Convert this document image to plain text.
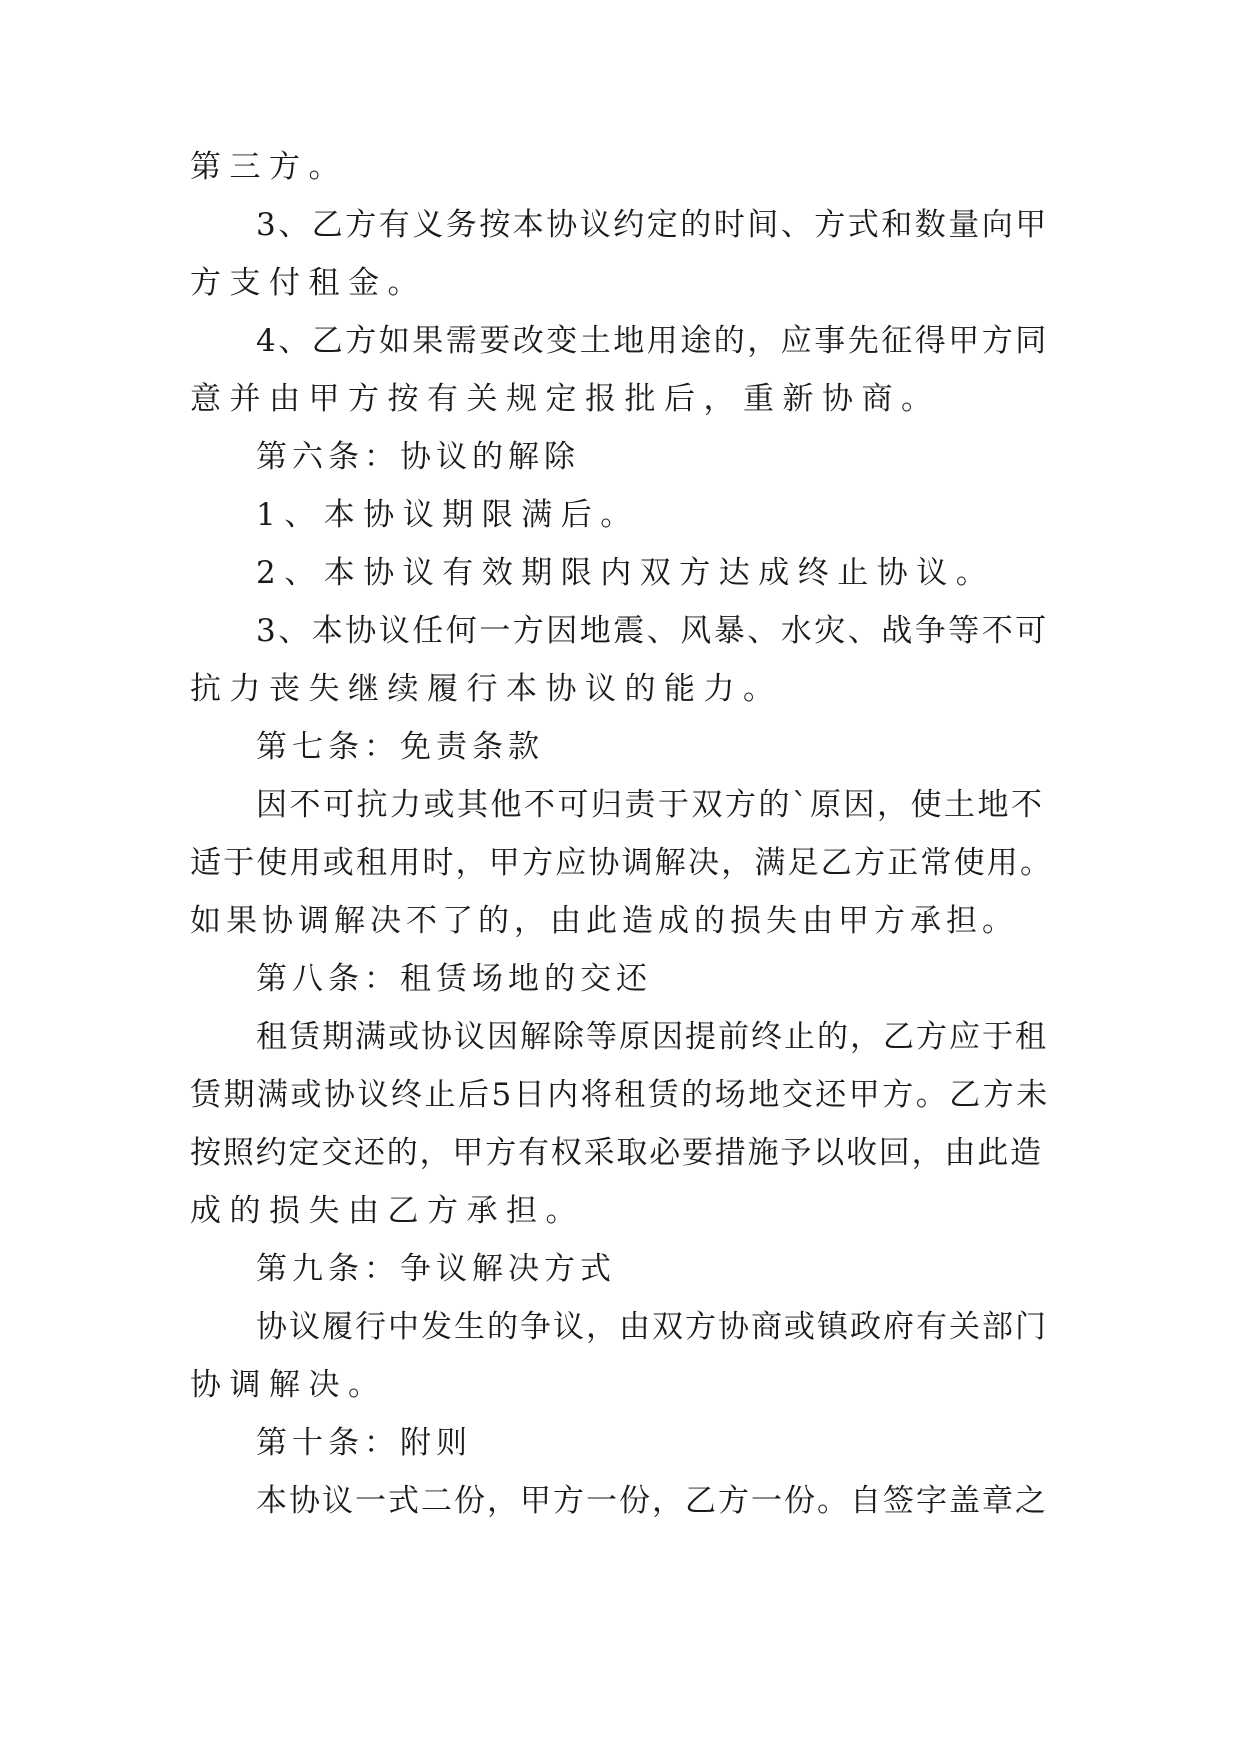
第三方。
3、乙方有义务按本协议约定的时间、方式和数量向甲
方支付租金。
4、乙方如果需要改变土地用途的，应事先征得甲方同
意并由甲方按有关规定报批后，重新协商。
第六条：协议的解除
1、本协议期限满后。
2、本协议有效期限内双方达成终止协议。
3、本协议任何一方因地震、风暴、水灾、战争等不可
抗力丧失继续履行本协议的能力。
第七条：免责条款
因不可抗力或其他不可归责于双方的`原因，使土地不
适于使用或租用时，甲方应协调解决，满足乙方正常使用。
如果协调解决不了的，由此造成的损失由甲方承担。
第八条：租赁场地的交还
租赁期满或协议因解除等原因提前终止的，乙方应于租
赁期满或协议终止后5日内将租赁的场地交还甲方。乙方未
按照约定交还的，甲方有权采取必要措施予以收回，由此造
成的损失由乙方承担。
第九条：争议解决方式
协议履行中发生的争议，由双方协商或镇政府有关部门
协调解决。
第十条：附则
本协议一式二份，甲方一份，乙方一份。自签字盖章之
